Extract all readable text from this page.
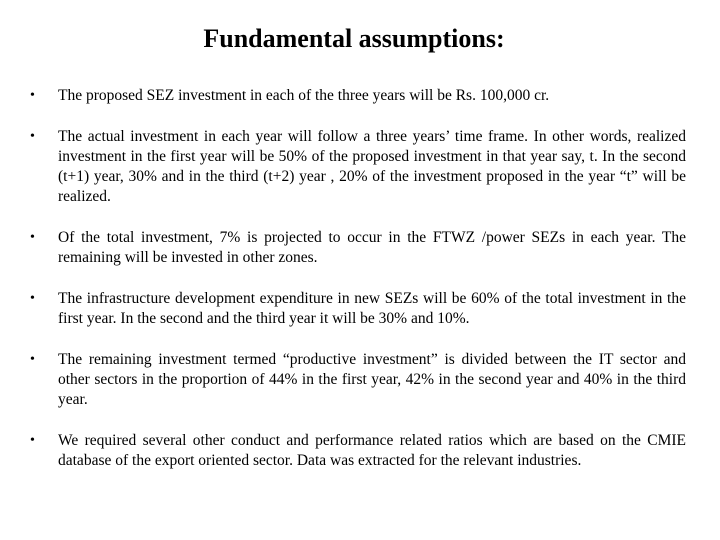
Fundamental assumptions:
•	The proposed SEZ investment in each of the three years will be Rs. 100,000 cr.
•	The actual investment in each year will follow a three years’ time frame. In other words, realized investment in the first year will be 50% of the proposed investment in that year say, t. In the second (t+1) year, 30% and in the third (t+2) year , 20% of the investment proposed in the year “t” will be realized.
•	Of the total investment, 7% is projected to occur in the FTWZ /power SEZs in each year. The remaining will be invested in other zones.
•	The infrastructure development expenditure in new SEZs will be 60% of the total investment in the first year. In the second and the third year it will be 30% and 10%.
•	The remaining investment termed “productive investment” is divided between the IT sector and other sectors in the proportion of 44% in the first year, 42% in the second year and 40% in the third year.
•	We required several other conduct and performance related ratios which are based on the CMIE database of the export oriented sector. Data was extracted for the relevant industries.
